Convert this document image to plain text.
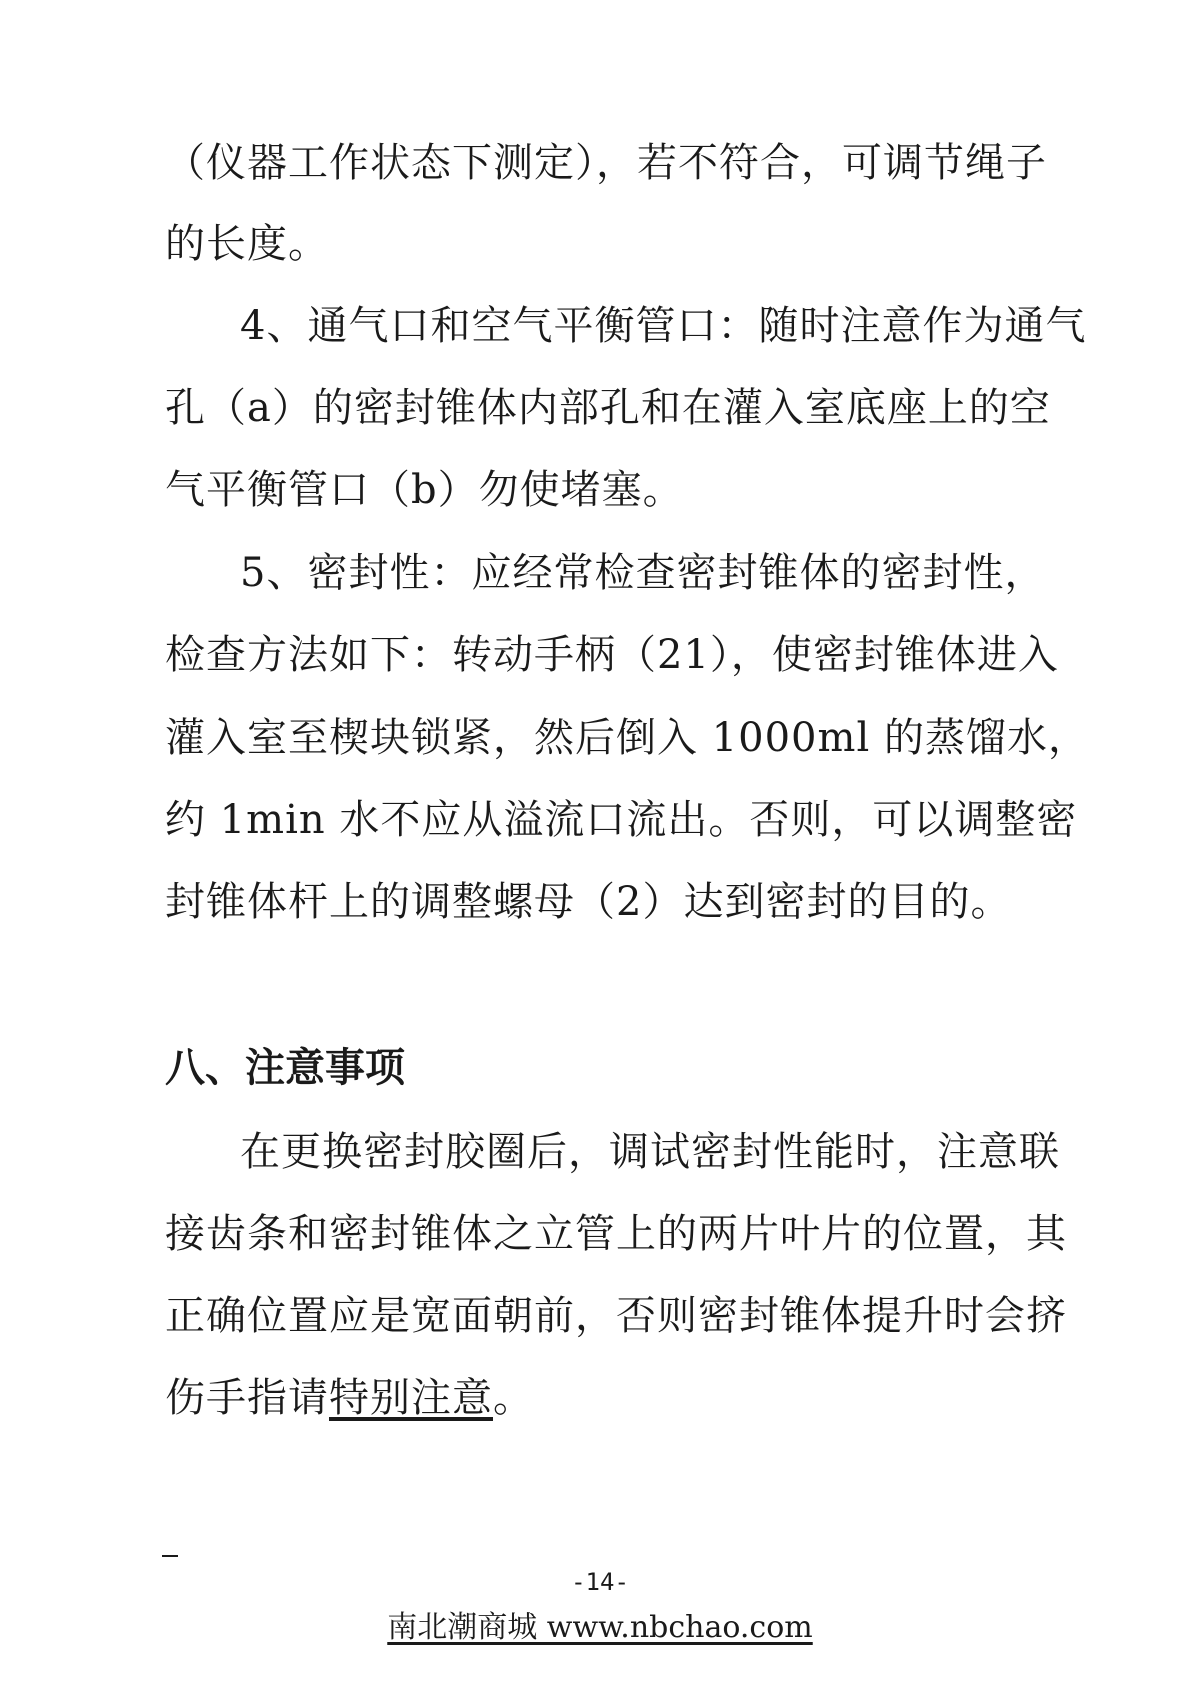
（仪器工作状态下测定），若不符合，可调节绳子
的长度。
4、通气口和空气平衡管口：随时注意作为通气
孔（a）的密封锥体内部孔和在灌入室底座上的空
气平衡管口（b）勿使堵塞。
5、密封性：应经常检查密封锥体的密封性，
检查方法如下：转动手柄（21），使密封锥体进入
灌入室至楔块锁紧，然后倒入 1000ml 的蒸馏水，
约 1min 水不应从溢流口流出。否则，可以调整密
封锥体杆上的调整螺母（2）达到密封的目的。
八、注意事项
在更换密封胶圈后，调试密封性能时，注意联
接齿条和密封锥体之立管上的两片叶片的位置，其
正确位置应是宽面朝前，否则密封锥体提升时会挤
伤手指请特别注意。
-14-
南北潮商城 www.nbchao.com
